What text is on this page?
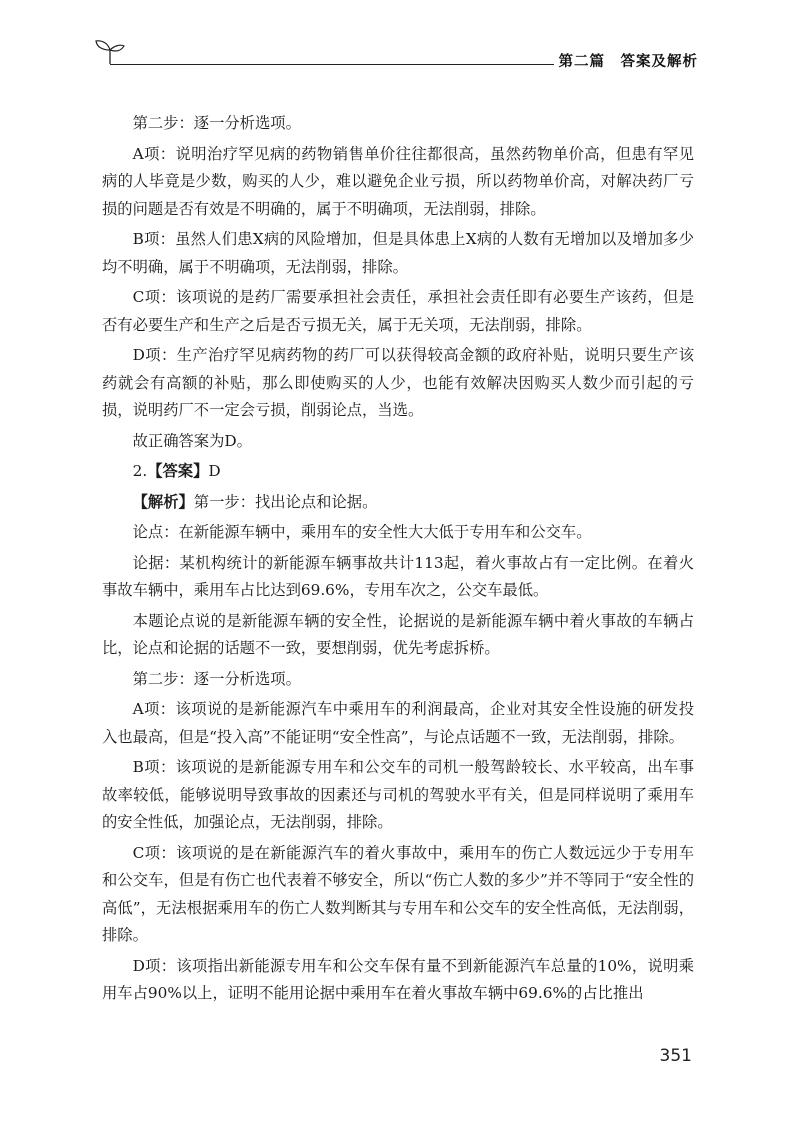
第二篇　答案及解析

第二步：逐一分析选项。

A项：说明治疗罕见病的药物销售单价往往都很高，虽然药物单价高，但患有罕见病的人毕竟是少数，购买的人少，难以避免企业亏损，所以药物单价高，对解决药厂亏损的问题是否有效是不明确的，属于不明确项，无法削弱，排除。

B项：虽然人们患X病的风险增加，但是具体患上X病的人数有无增加以及增加多少均不明确，属于不明确项，无法削弱，排除。

C项：该项说的是药厂需要承担社会责任，承担社会责任即有必要生产该药，但是否有必要生产和生产之后是否亏损无关，属于无关项，无法削弱，排除。

D项：生产治疗罕见病药物的药厂可以获得较高金额的政府补贴，说明只要生产该药就会有高额的补贴，那么即使购买的人少，也能有效解决因购买人数少而引起的亏损，说明药厂不一定会亏损，削弱论点，当选。

故正确答案为D。

2.【答案】D

【解析】第一步：找出论点和论据。

论点：在新能源车辆中，乘用车的安全性大大低于专用车和公交车。

论据：某机构统计的新能源车辆事故共计113起，着火事故占有一定比例。在着火事故车辆中，乘用车占比达到69.6%，专用车次之，公交车最低。

本题论点说的是新能源车辆的安全性，论据说的是新能源车辆中着火事故的车辆占比，论点和论据的话题不一致，要想削弱，优先考虑拆桥。

第二步：逐一分析选项。

A项：该项说的是新能源汽车中乘用车的利润最高，企业对其安全性设施的研发投入也最高，但是“投入高”不能证明“安全性高”，与论点话题不一致，无法削弱，排除。

B项：该项说的是新能源专用车和公交车的司机一般驾龄较长、水平较高，出车事故率较低，能够说明导致事故的因素还与司机的驾驶水平有关，但是同样说明了乘用车的安全性低，加强论点，无法削弱，排除。

C项：该项说的是在新能源汽车的着火事故中，乘用车的伤亡人数远远少于专用车和公交车，但是有伤亡也代表着不够安全，所以“伤亡人数的多少”并不等同于“安全性的高低”，无法根据乘用车的伤亡人数判断其与专用车和公交车的安全性高低，无法削弱，排除。

D项：该项指出新能源专用车和公交车保有量不到新能源汽车总量的10%，说明乘用车占90%以上，证明不能用论据中乘用车在着火事故车辆中69.6%的占比推出

351
